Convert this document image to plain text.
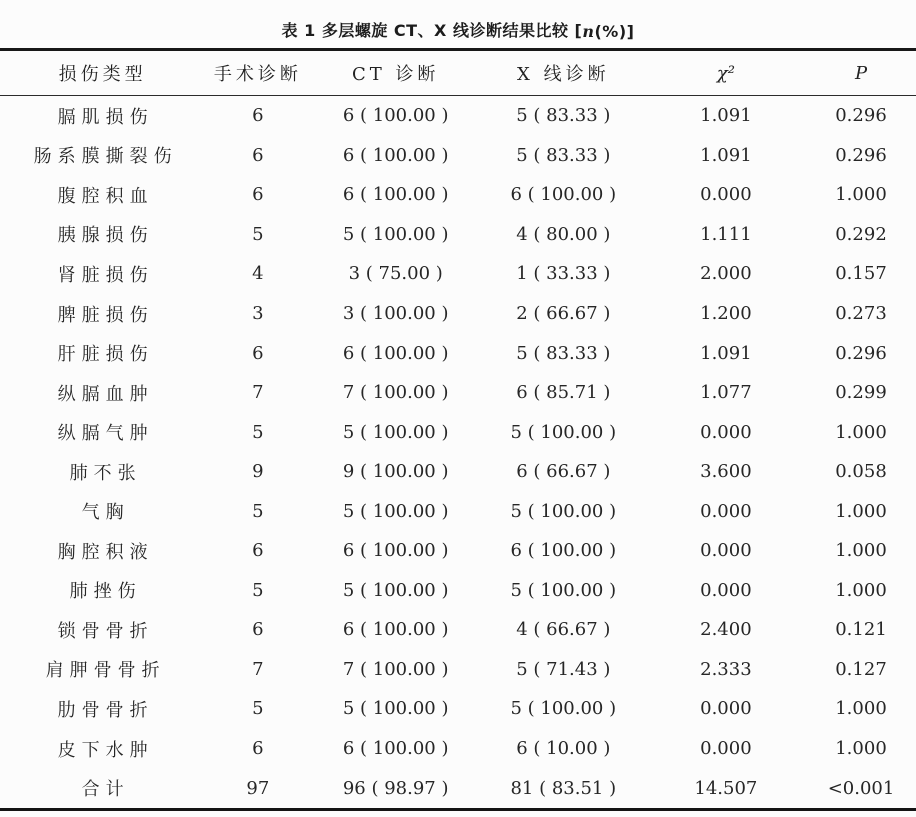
表 1 多层螺旋 CT、X 线诊断结果比较 [ n (%)]
损伤类型	手术诊断	CT 诊断	X 线诊断	χ²	P
膈肌损伤	6	6 ( 100.00 )	5 ( 83.33 )	1.091	0.296
肠系膜撕裂伤	6	6 ( 100.00 )	5 ( 83.33 )	1.091	0.296
腹腔积血	6	6 ( 100.00 )	6 ( 100.00 )	0.000	1.000
胰腺损伤	5	5 ( 100.00 )	4 ( 80.00 )	1.111	0.292
肾脏损伤	4	3 ( 75.00 )	1 ( 33.33 )	2.000	0.157
脾脏损伤	3	3 ( 100.00 )	2 ( 66.67 )	1.200	0.273
肝脏损伤	6	6 ( 100.00 )	5 ( 83.33 )	1.091	0.296
纵膈血肿	7	7 ( 100.00 )	6 ( 85.71 )	1.077	0.299
纵膈气肿	5	5 ( 100.00 )	5 ( 100.00 )	0.000	1.000
肺不张	9	9 ( 100.00 )	6 ( 66.67 )	3.600	0.058
气胸	5	5 ( 100.00 )	5 ( 100.00 )	0.000	1.000
胸腔积液	6	6 ( 100.00 )	6 ( 100.00 )	0.000	1.000
肺挫伤	5	5 ( 100.00 )	5 ( 100.00 )	0.000	1.000
锁骨骨折	6	6 ( 100.00 )	4 ( 66.67 )	2.400	0.121
肩胛骨骨折	7	7 ( 100.00 )	5 ( 71.43 )	2.333	0.127
肋骨骨折	5	5 ( 100.00 )	5 ( 100.00 )	0.000	1.000
皮下水肿	6	6 ( 100.00 )	6 ( 10.00 )	0.000	1.000
合计	97	96 ( 98.97 )	81 ( 83.51 )	14.507	<0.001
